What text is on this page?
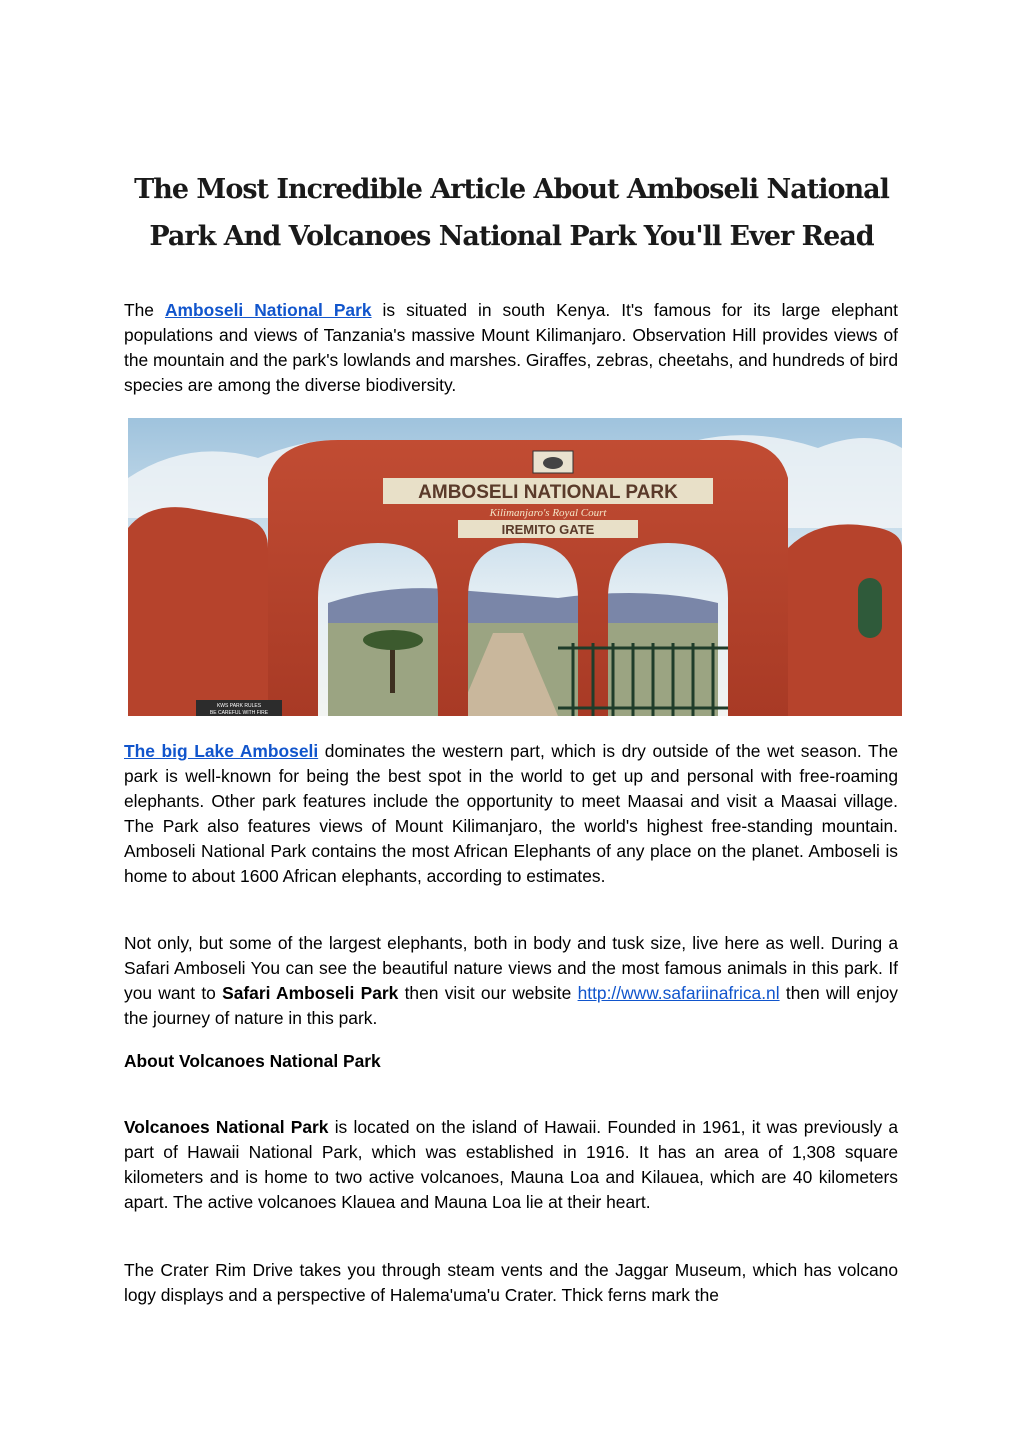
The Most Incredible Article About Amboseli National Park And Volcanoes National Park You'll Ever Read

The Amboseli National Park is situated in south Kenya. It's famous for its large elephant populations and views of Tanzania's massive Mount Kilimanjaro. Observation Hill provides views of the mountain and the park's lowlands and marshes. Giraffes, zebras, cheetahs, and hundreds of bird species are among the diverse biodiversity.

AMBOSELI NATIONAL PARK
Kilimanjaro's Royal Court
IREMITO GATE
KWS PARK RULES
BE CAREFUL WITH FIRE

The big Lake Amboseli dominates the western part, which is dry outside of the wet season. The park is well-known for being the best spot in the world to get up and personal with free-roaming elephants. Other park features include the opportunity to meet Maasai and visit a Maasai village. The Park also features views of Mount Kilimanjaro, the world's highest free-standing mountain. Amboseli National Park contains the most African Elephants of any place on the planet. Amboseli is home to about 1600 African elephants, according to estimates.

Not only, but some of the largest elephants, both in body and tusk size, live here as well. During a Safari Amboseli You can see the beautiful nature views and the most famous animals in this park. If you want to Safari Amboseli Park then visit our website http://www.safariinafrica.nl then will enjoy the journey of nature in this park.

About Volcanoes National Park

Volcanoes National Park is located on the island of Hawaii. Founded in 1961, it was previously a part of Hawaii National Park, which was established in 1916. It has an area of 1,308 square kilometers and is home to two active volcanoes, Mauna Loa and Kilauea, which are 40 kilometers apart. The active volcanoes Klauea and Mauna Loa lie at their heart.

The Crater Rim Drive takes you through steam vents and the Jaggar Museum, which has volcano logy displays and a perspective of Halema'uma'u Crater. Thick ferns mark the
